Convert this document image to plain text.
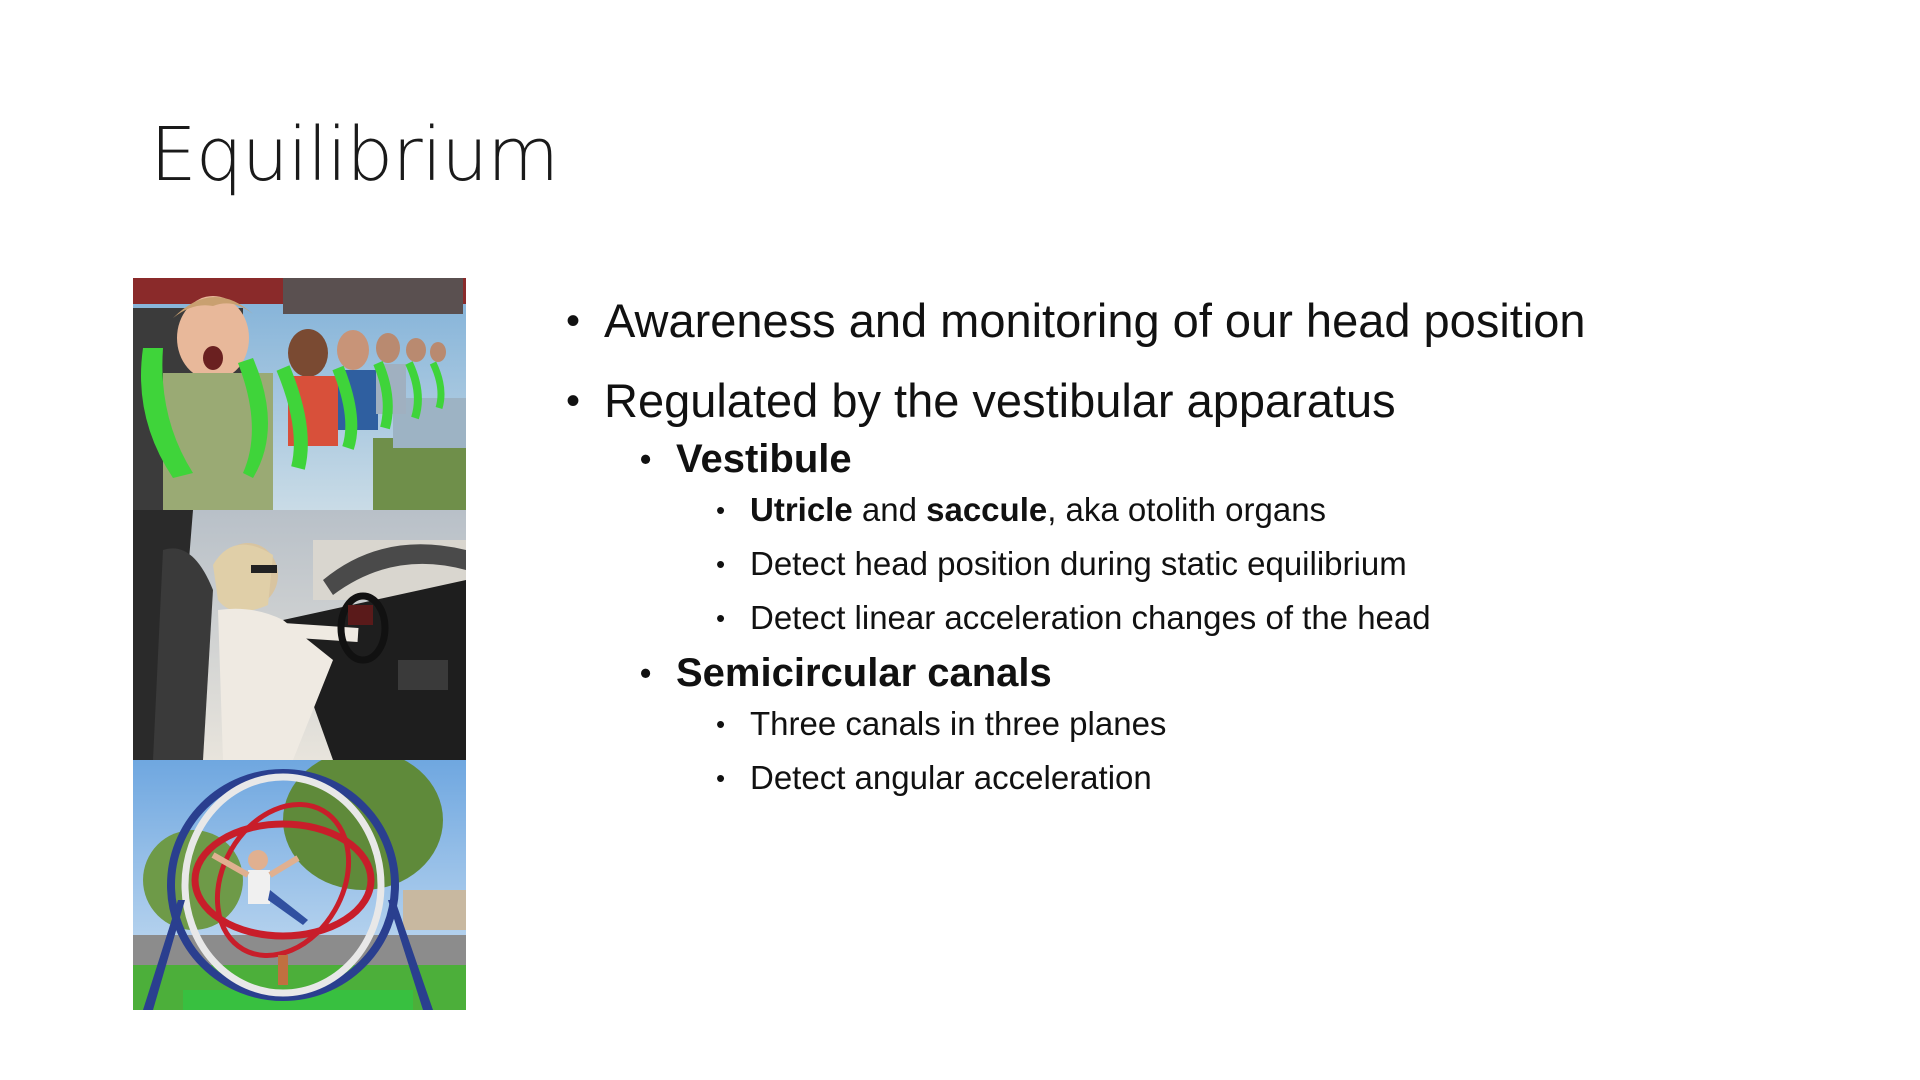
Equilibrium
• Awareness and monitoring of our head position
• Regulated by the vestibular apparatus
• Vestibule
• Utricle and saccule, aka otolith organs
• Detect head position during static equilibrium
• Detect linear acceleration changes of the head
• Semicircular canals
• Three canals in three planes
• Detect angular acceleration
